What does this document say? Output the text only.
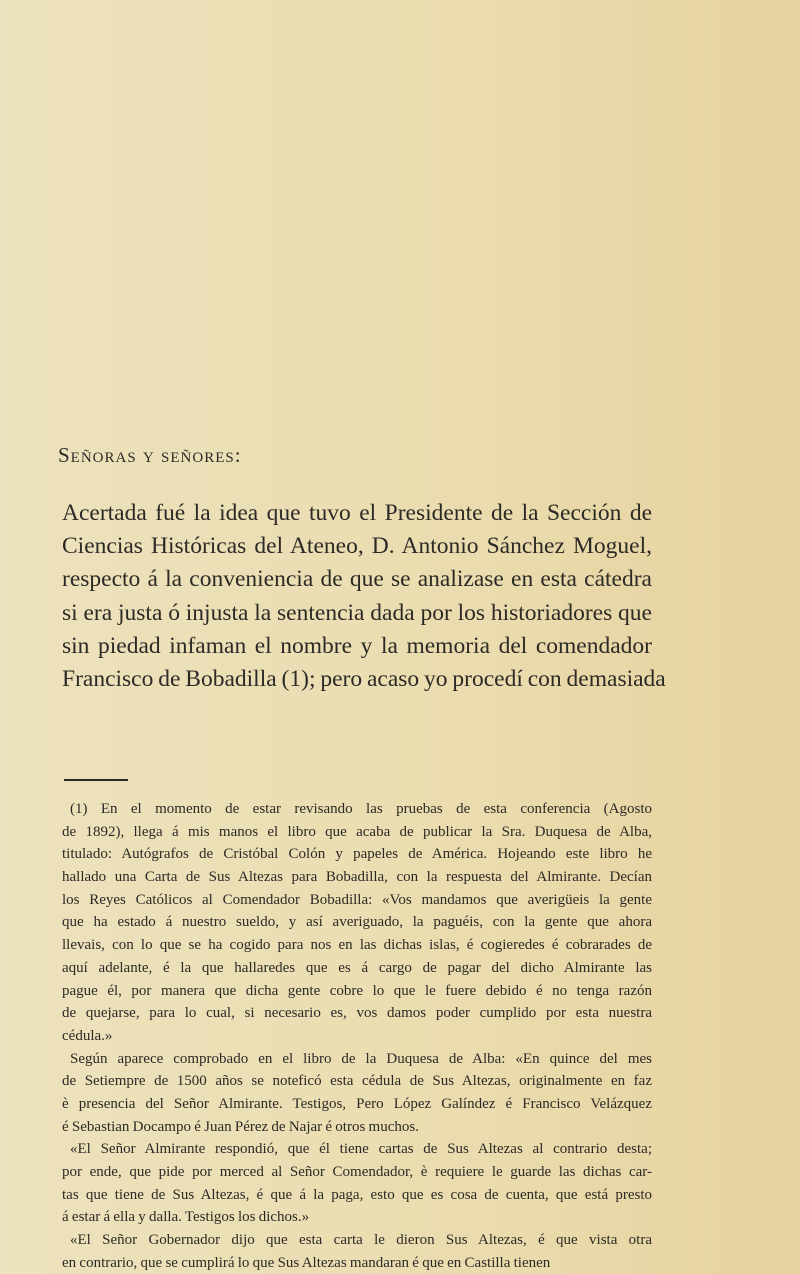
Señoras y señores:
Acertada fué la idea que tuvo el Presidente de la Sección de
Ciencias Históricas del Ateneo, D. Antonio Sánchez Moguel,
respecto á la conveniencia de que se analizase en esta cátedra
si era justa ó injusta la sentencia dada por los historiadores que
sin piedad infaman el nombre y la memoria del comendador
Francisco de Bobadilla (1); pero acaso yo procedí con demasiada
(1) En el momento de estar revisando las pruebas de esta conferencia (Agosto
de 1892), llega á mis manos el libro que acaba de publicar la Sra. Duquesa de Alba,
titulado: Autógrafos de Cristóbal Colón y papeles de América. Hojeando este libro he
hallado una Carta de Sus Altezas para Bobadilla, con la respuesta del Almirante. Decían
los Reyes Católicos al Comendador Bobadilla: «Vos mandamos que averigüeis la gente
que ha estado á nuestro sueldo, y así averiguado, la paguéis, con la gente que ahora
llevais, con lo que se ha cogido para nos en las dichas islas, é cogieredes é cobrarades de
aquí adelante, é la que hallaredes que es á cargo de pagar del dicho Almirante las
pague él, por manera que dicha gente cobre lo que le fuere debido é no tenga razón
de quejarse, para lo cual, si necesario es, vos damos poder cumplido por esta nuestra
cédula.»
Según aparece comprobado en el libro de la Duquesa de Alba: «En quince del mes
de Setiempre de 1500 años se noteficó esta cédula de Sus Altezas, originalmente en faz
è presencia del Señor Almirante. Testigos, Pero López Galíndez é Francisco Velázquez
é Sebastian Docampo é Juan Pérez de Najar é otros muchos.
«El Señor Almirante respondió, que él tiene cartas de Sus Altezas al contrario desta;
por ende, que pide por merced al Señor Comendador, è requiere le guarde las dichas car-
tas que tiene de Sus Altezas, é que á la paga, esto que es cosa de cuenta, que está presto
á estar á ella y dalla. Testigos los dichos.»
«El Señor Gobernador dijo que esta carta le dieron Sus Altezas, é que vista otra
en contrario, que se cumplirá lo que Sus Altezas mandaran é que en Castilla tienen
